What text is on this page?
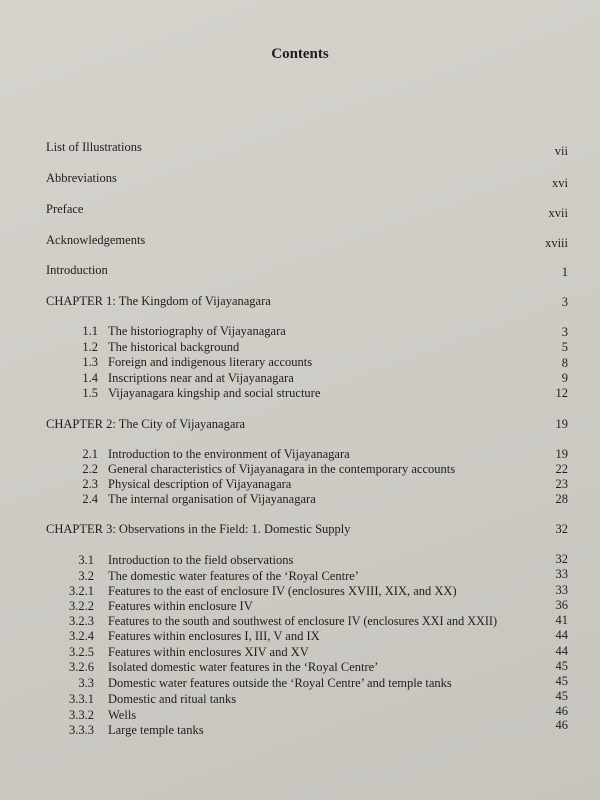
Contents
List of Illustrations	vii
Abbreviations	xvi
Preface	xvii
Acknowledgements	xviii
Introduction	1
CHAPTER 1: The Kingdom of Vijayanagara	3
1.1 The historiography of Vijayanagara	3
1.2 The historical background	5
1.3 Foreign and indigenous literary accounts	8
1.4 Inscriptions near and at Vijayanagara	9
1.5 Vijayanagara kingship and social structure	12
CHAPTER 2: The City of Vijayanagara	19
2.1 Introduction to the environment of Vijayanagara	19
2.2 General characteristics of Vijayanagara in the contemporary accounts	22
2.3 Physical description of Vijayanagara	23
2.4 The internal organisation of Vijayanagara	28
CHAPTER 3: Observations in the Field: 1. Domestic Supply	32
3.1 Introduction to the field observations	32
3.2 The domestic water features of the ‘Royal Centre’	33
3.2.1 Features to the east of enclosure IV (enclosures XVIII, XIX, and XX)	33
3.2.2 Features within enclosure IV	36
3.2.3 Features to the south and southwest of enclosure IV (enclosures XXI and XXII)	41
3.2.4 Features within enclosures I, III, V and IX	44
3.2.5 Features within enclosures XIV and XV	44
3.2.6 Isolated domestic water features in the ‘Royal Centre’	45
3.3 Domestic water features outside the ‘Royal Centre’ and temple tanks	45
3.3.1 Domestic and ritual tanks	45
3.3.2 Wells	46
3.3.3 Large temple tanks	46
